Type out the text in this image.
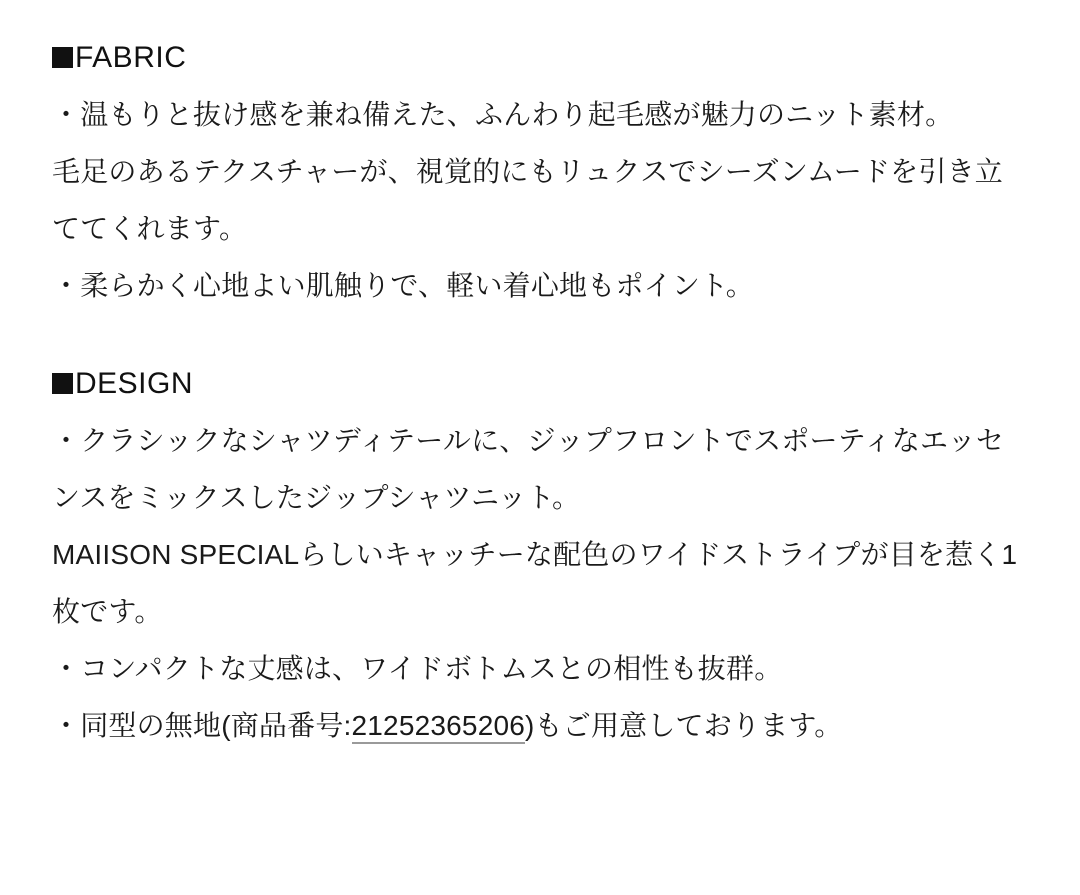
FABRIC

・温もりと抜け感を兼ね備えた、ふんわり起毛感が魅力のニット素材。

毛足のあるテクスチャーが、視覚的にもリュクスでシーズンムードを引き立ててくれます。

・柔らかく心地よい肌触りで、軽い着心地もポイント。

DESIGN

・クラシックなシャツディテールに、ジップフロントでスポーティなエッセンスをミックスしたジップシャツニット。

MAIISON SPECIALらしいキャッチーな配色のワイドストライプが目を惹く1枚です。

・コンパクトな丈感は、ワイドボトムスとの相性も抜群。

・同型の無地(商品番号:21252365206)もご用意しております。
